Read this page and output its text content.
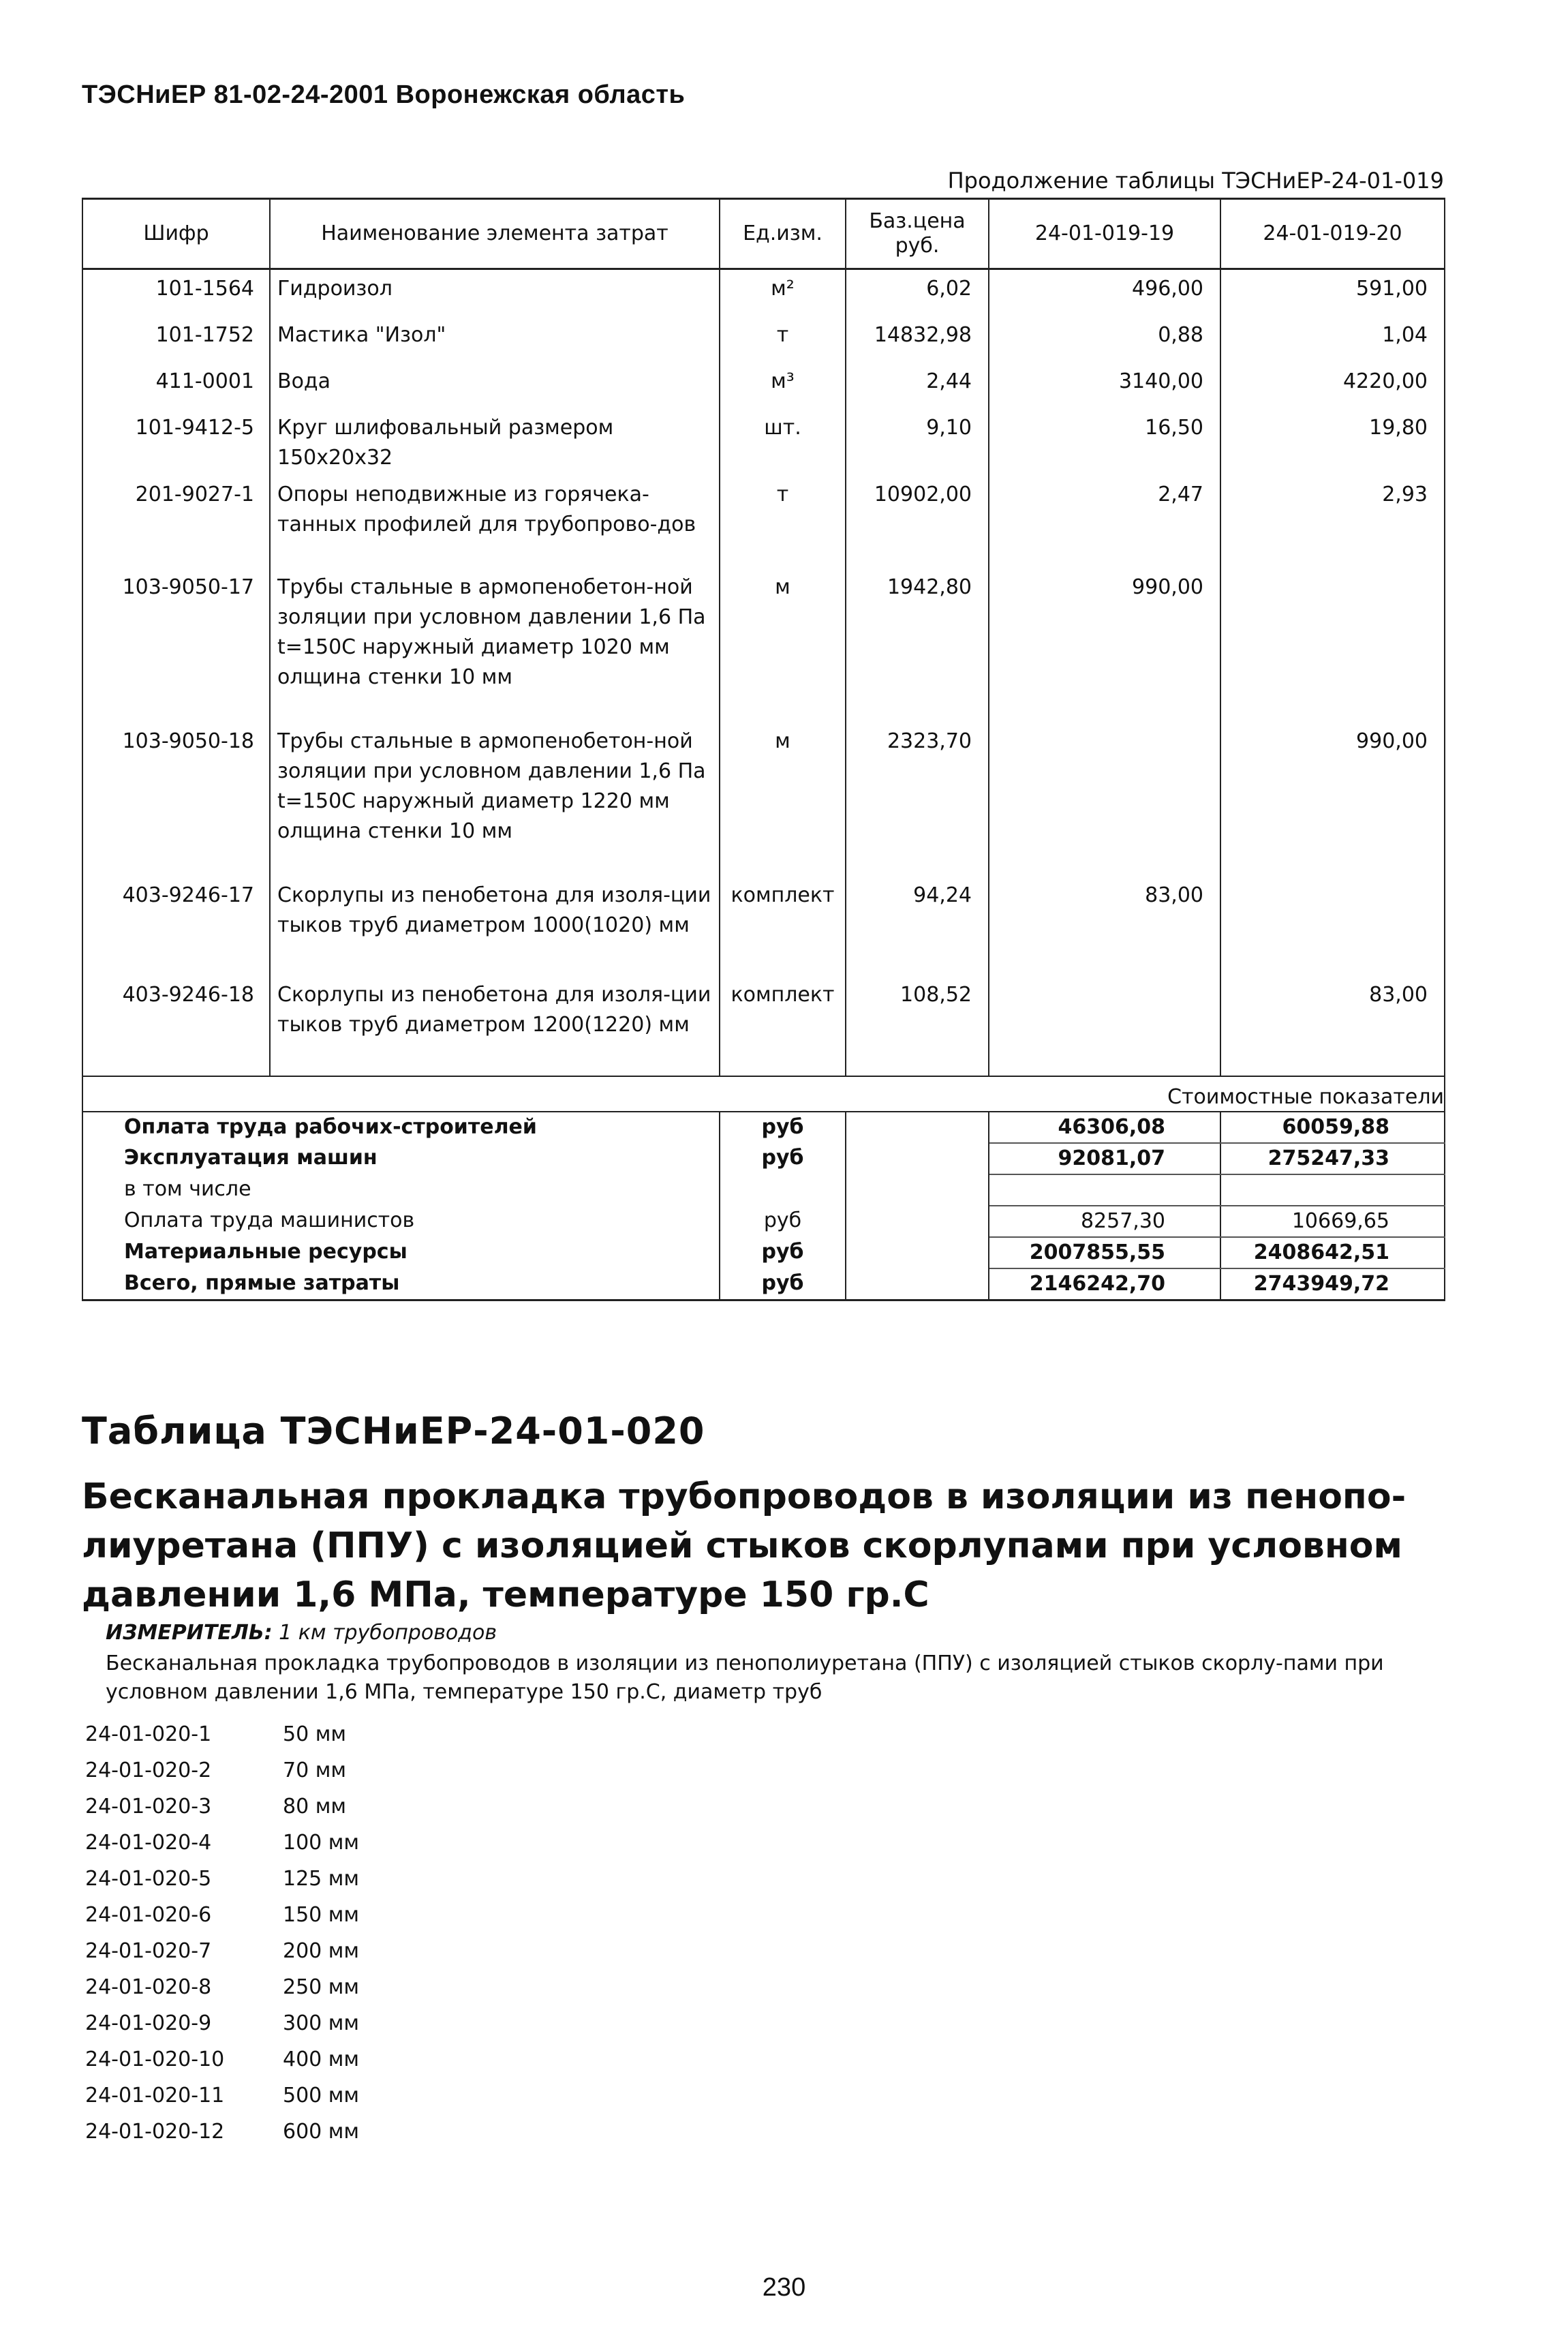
ТЭСНиЕР 81-02-24-2001 Воронежская область
Продолжение таблицы ТЭСНиЕР-24-01-019
Шифр	Наименование элемента затрат	Ед.изм.	Баз.цена руб.	24-01-019-19	24-01-019-20
101-1564	Гидроизол	м²	6,02	496,00	591,00
101-1752	Мастика "Изол"	т	14832,98	0,88	1,04
411-0001	Вода	м³	2,44	3140,00	4220,00
101-9412-5	Круг шлифовальный размером 150х20х32	шт.	9,10	16,50	19,80
201-9027-1	Опоры неподвижные из горячека-танных профилей для трубопрово-дов	т	10902,00	2,47	2,93
103-9050-17	Трубы стальные в армопенобетон-ной золяции при условном давлении 1,6 Па t=150С наружный диаметр 1020 мм олщина стенки 10 мм	м	1942,80	990,00	
103-9050-18	Трубы стальные в армопенобетон-ной золяции при условном давлении 1,6 Па t=150С наружный диаметр 1220 мм олщина стенки 10 мм	м	2323,70		990,00
403-9246-17	Скорлупы из пенобетона для изоля-ции тыков труб диаметром 1000(1020) мм	комплект	94,24	83,00	
403-9246-18	Скорлупы из пенобетона для изоля-ции тыков труб диаметром 1200(1220) мм	комплект	108,52		83,00
Стоимостные показатели					
Оплата труда рабочих-строителей		руб		46306,08	60059,88
Эксплуатация машин		руб		92081,07	275247,33
в том числе					
Оплата труда машинистов		руб		8257,30	10669,65
Материальные ресурсы		руб		2007855,55	2408642,51
Всего, прямые затраты		руб		2146242,70	2743949,72
Таблица ТЭСНиЕР-24-01-020
Бесканальная прокладка трубопроводов в изоляции из пенопо-лиуретана (ППУ) с изоляцией стыков скорлупами при условном давлении 1,6 МПа, температуре 150 гр.С
ИЗМЕРИТЕЛЬ: 1 км трубопроводов
Бесканальная прокладка трубопроводов в изоляции из пенополиуретана (ППУ) с изоляцией стыков скорлу-пами при условном давлении 1,6 МПа, температуре 150 гр.С, диаметр труб
24-01-020-1	50 мм
24-01-020-2	70 мм
24-01-020-3	80 мм
24-01-020-4	100 мм
24-01-020-5	125 мм
24-01-020-6	150 мм
24-01-020-7	200 мм
24-01-020-8	250 мм
24-01-020-9	300 мм
24-01-020-10	400 мм
24-01-020-11	500 мм
24-01-020-12	600 мм
230
